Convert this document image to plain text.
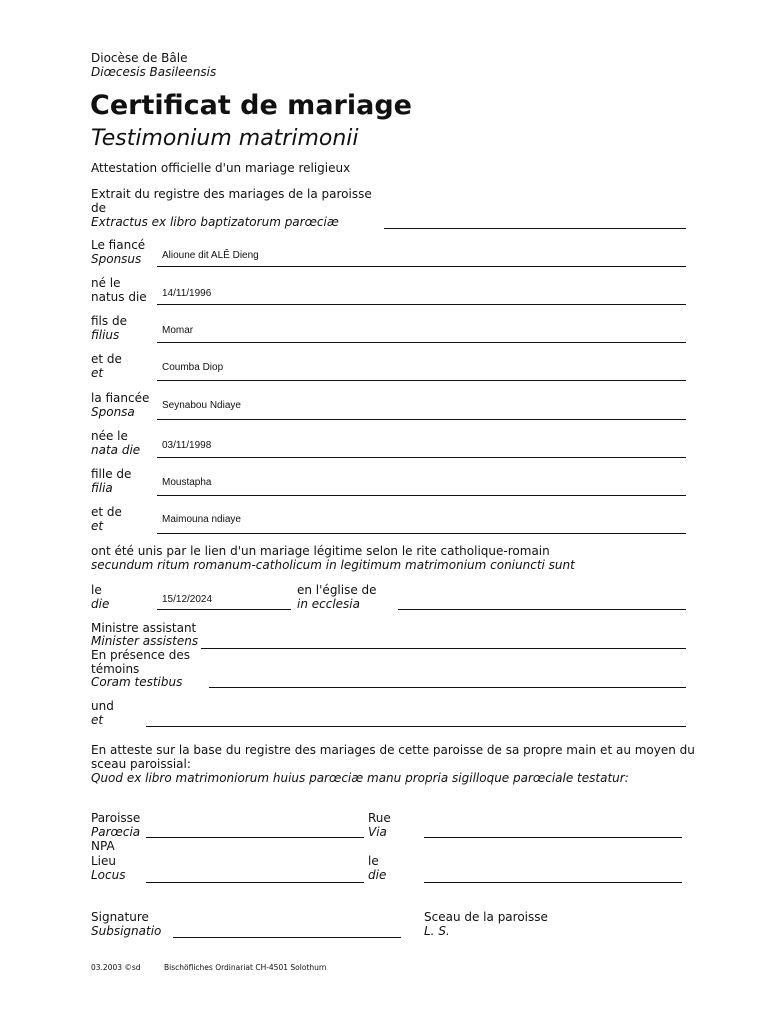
Diocèse de Bâle
Diœcesis Basileensis
Certificat de mariage
Testimonium matrimonii
Attestation officielle d'un mariage religieux
Extrait du registre des mariages de la paroisse
de
Extractus ex libro baptizatorum parœciæ
Le fiancé
Sponsus	Alioune dit ALÊ Dieng
né le
natus die	14/11/1996
fils de
filius	Momar
et de
et	Coumba Diop
la fiancée
Sponsa	Seynabou Ndiaye
née le
nata die	03/11/1998
fille de
filia	Moustapha
et de
et	Maimouna ndiaye
ont été unis par le lien d'un mariage légitime selon le rite catholique-romain
secundum ritum romanum-catholicum in legitimum matrimonium coniuncti sunt
le
die	15/12/2024
en l'église de
in ecclesia
Ministre assistant
Minister assistens
En présence des
témoins
Coram testibus
und
et
En atteste sur la base du registre des mariages de cette paroisse de sa propre main et au moyen du
sceau paroissial:
Quod ex libro matrimoniorum huius parœciæ manu propria sigilloque parœciale testatur:
Paroisse
Parœcia
NPA
Rue
Via
Lieu
Locus
le
die
Signature
Subsignatio
Sceau de la paroisse
L. S.
03.2003 ©sd	Bischöfliches Ordinariat CH-4501 Solothurn
